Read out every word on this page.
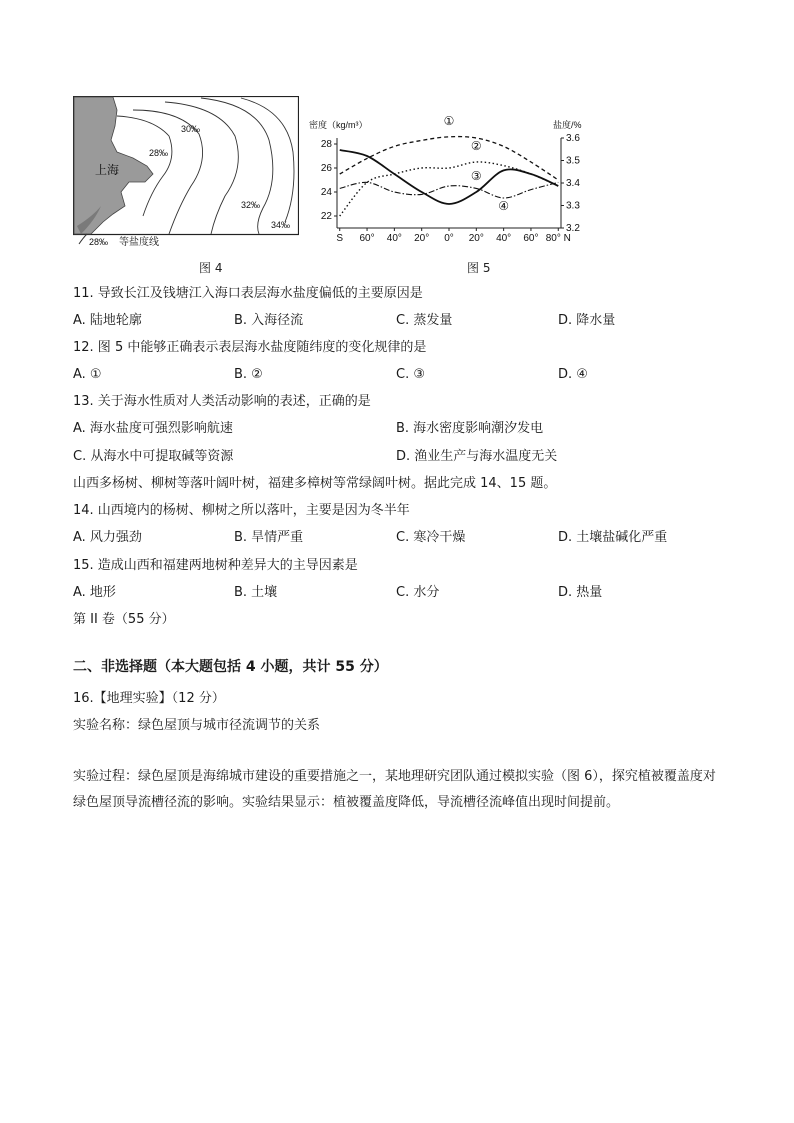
上海
30‰
28‰
32‰
34‰
28‰ 等盐度线
密度（kg/m³）	盐度/%
22
24
26
28
3.2
3.3
3.4
3.5
3.6
S 60° 40° 20° 0° 20° 40° 60° 80° N
①
②
③
④
图 4	图 5
11. 导致长江及钱塘江入海口表层海水盐度偏低的主要原因是
A. 陆地轮廓	B. 入海径流	C. 蒸发量	D. 降水量
12. 图 5 中能够正确表示表层海水盐度随纬度的变化规律的是
A. ①	B. ②	C. ③	D. ④
13. 关于海水性质对人类活动影响的表述，正确的是
A. 海水盐度可强烈影响航速	B. 海水密度影响潮汐发电
C. 从海水中可提取碱等资源	D. 渔业生产与海水温度无关
山西多杨树、柳树等落叶阔叶树，福建多樟树等常绿阔叶树。据此完成 14、15 题。
14. 山西境内的杨树、柳树之所以落叶，主要是因为冬半年
A. 风力强劲	B. 旱情严重	C. 寒冷干燥	D. 土壤盐碱化严重
15. 造成山西和福建两地树种差异大的主导因素是
A. 地形	B. 土壤	C. 水分	D. 热量
第 II 卷（55 分）
二、非选择题（本大题包括 4 小题，共计 55 分）
16.【地理实验】（12 分）
实验名称：绿色屋顶与城市径流调节的关系
实验过程：绿色屋顶是海绵城市建设的重要措施之一，某地理研究团队通过模拟实验（图 6），探究植被覆盖度对绿色屋顶导流槽径流的影响。实验结果显示：植被覆盖度降低，导流槽径流峰值出现时间提前。
